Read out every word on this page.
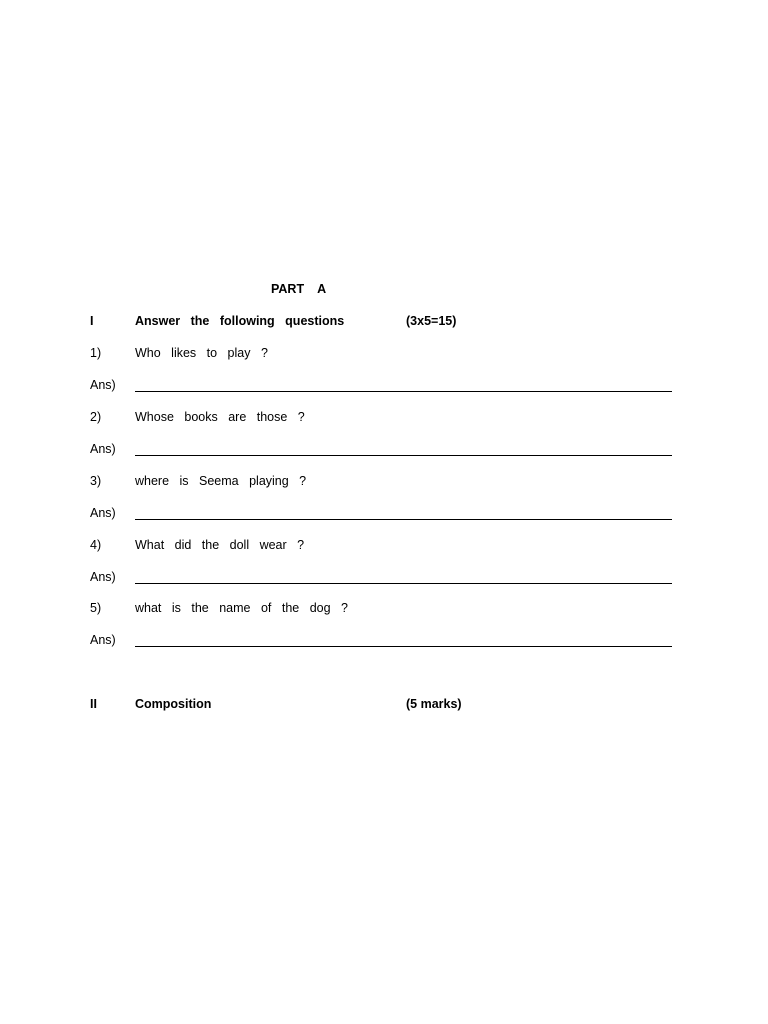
PART A
I	Answer the following questions	(3x5=15)
1)	Who likes to play ?
Ans)
2)	Whose books are those ?
Ans)
3)	where is Seema playing ?
Ans)
4)	What did the doll wear ?
Ans)
5)	what is the name of the dog ?
Ans)
II	Composition	(5 marks)
